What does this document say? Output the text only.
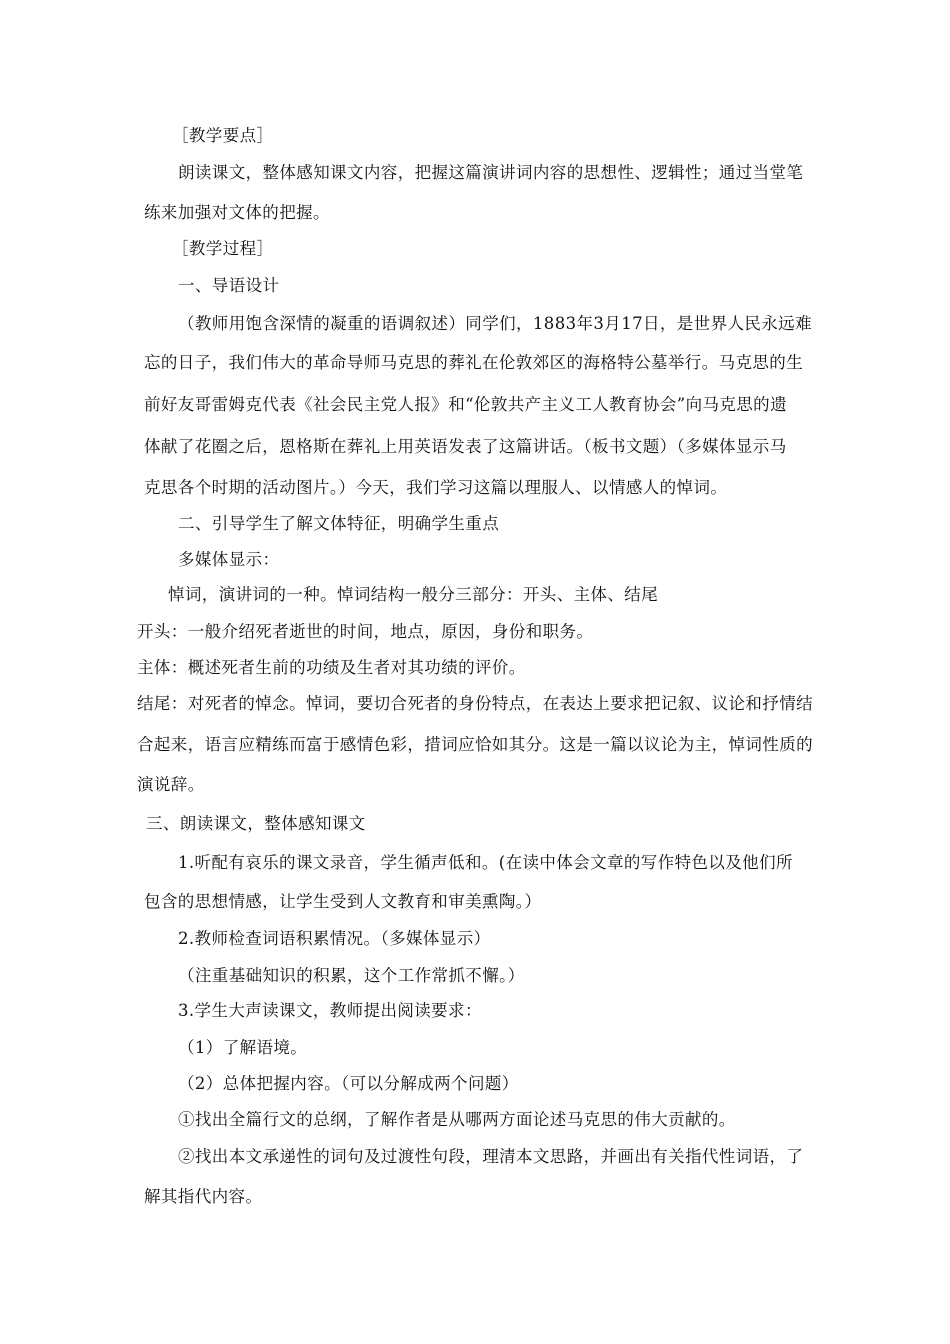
［教学要点］
朗读课文，整体感知课文内容，把握这篇演讲词内容的思想性、逻辑性；通过当堂笔
练来加强对文体的把握。
［教学过程］
一、导语设计
（教师用饱含深情的凝重的语调叙述）同学们，1883年3月17日，是世界人民永远难
忘的日子，我们伟大的革命导师马克思的葬礼在伦敦郊区的海格特公墓举行。马克思的生
前好友哥雷姆克代表《社会民主党人报》和“伦敦共产主义工人教育协会”向马克思的遗
体献了花圈之后，恩格斯在葬礼上用英语发表了这篇讲话。（板书文题）（多媒体显示马
克思各个时期的活动图片。）今天，我们学习这篇以理服人、以情感人的悼词。
二、引导学生了解文体特征，明确学生重点
多媒体显示：
悼词，演讲词的一种。悼词结构一般分三部分：开头、主体、结尾
开头：一般介绍死者逝世的时间，地点，原因，身份和职务。
主体：概述死者生前的功绩及生者对其功绩的评价。
结尾：对死者的悼念。悼词，要切合死者的身份特点，在表达上要求把记叙、议论和抒情结
合起来，语言应精练而富于感情色彩，措词应恰如其分。这是一篇以议论为主，悼词性质的
演说辞。
三、朗读课文，整体感知课文
1.听配有哀乐的课文录音，学生循声低和。(在读中体会文章的写作特色以及他们所
包含的思想情感，让学生受到人文教育和审美熏陶。）
2.教师检查词语积累情况。（多媒体显示）
（注重基础知识的积累，这个工作常抓不懈。）
3.学生大声读课文，教师提出阅读要求：
（1）了解语境。
（2）总体把握内容。（可以分解成两个问题）
①找出全篇行文的总纲，了解作者是从哪两方面论述马克思的伟大贡献的。
②找出本文承递性的词句及过渡性句段，理清本文思路，并画出有关指代性词语，了
解其指代内容。
